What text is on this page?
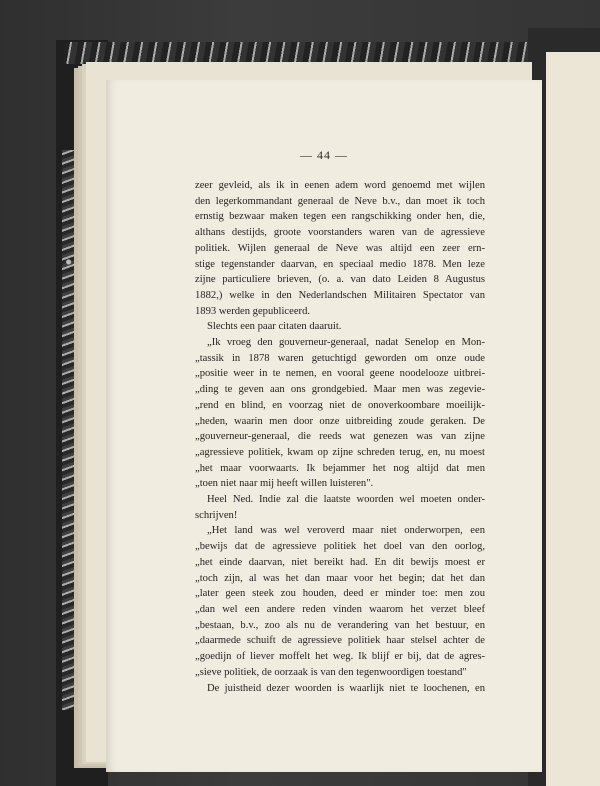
— 44 —

zeer gevleid, als ik in eenen adem word genoemd met wijlen

den legerkommandant generaal de Neve b.v., dan moet ik toch

ernstig bezwaar maken tegen een rangschikking onder hen, die,

althans destijds, groote voorstanders waren van de agressieve

politiek. Wijlen generaal de Neve was altijd een zeer ern-

stige tegenstander daarvan, en speciaal medio 1878. Men leze

zijne particuliere brieven, (o. a. van dato Leiden 8 Augustus

1882,) welke in den Nederlandschen Militairen Spectator van

1893 werden gepubliceerd.

Slechts een paar citaten daaruit.

„Ik vroeg den gouverneur-generaal, nadat Senelop en Mon-

„tassik in 1878 waren getuchtigd geworden om onze oude

„positie weer in te nemen, en vooral geene noodelooze uitbrei-

„ding te geven aan ons grondgebied. Maar men was zegevie-

„rend en blind, en voorzag niet de onoverkoombare moeilijk-

„heden, waarin men door onze uitbreiding zoude geraken. De

„gouverneur-generaal, die reeds wat genezen was van zijne

„agressieve politiek, kwam op zijne schreden terug, en, nu moest

„het maar voorwaarts. Ik bejammer het nog altijd dat men

„toen niet naar mij heeft willen luisteren".

Heel Ned. Indie zal die laatste woorden wel moeten onder-

schrijven!

„Het land was wel veroverd maar niet onderworpen, een

„bewijs dat de agressieve politiek het doel van den oorlog,

„het einde daarvan, niet bereikt had. En dit bewijs moest er

„toch zijn, al was het dan maar voor het begin; dat het dan

„later geen steek zou houden, deed er minder toe: men zou

„dan wel een andere reden vinden waarom het verzet bleef

„bestaan, b.v., zoo als nu de verandering van het bestuur, en

„daarmede schuift de agressieve politiek haar stelsel achter de

„goedijn of liever moffelt het weg. Ik blijf er bij, dat de agres-

„sieve politiek, de oorzaak is van den tegenwoordigen toestand"

De juistheid dezer woorden is waarlijk niet te loochenen, en
